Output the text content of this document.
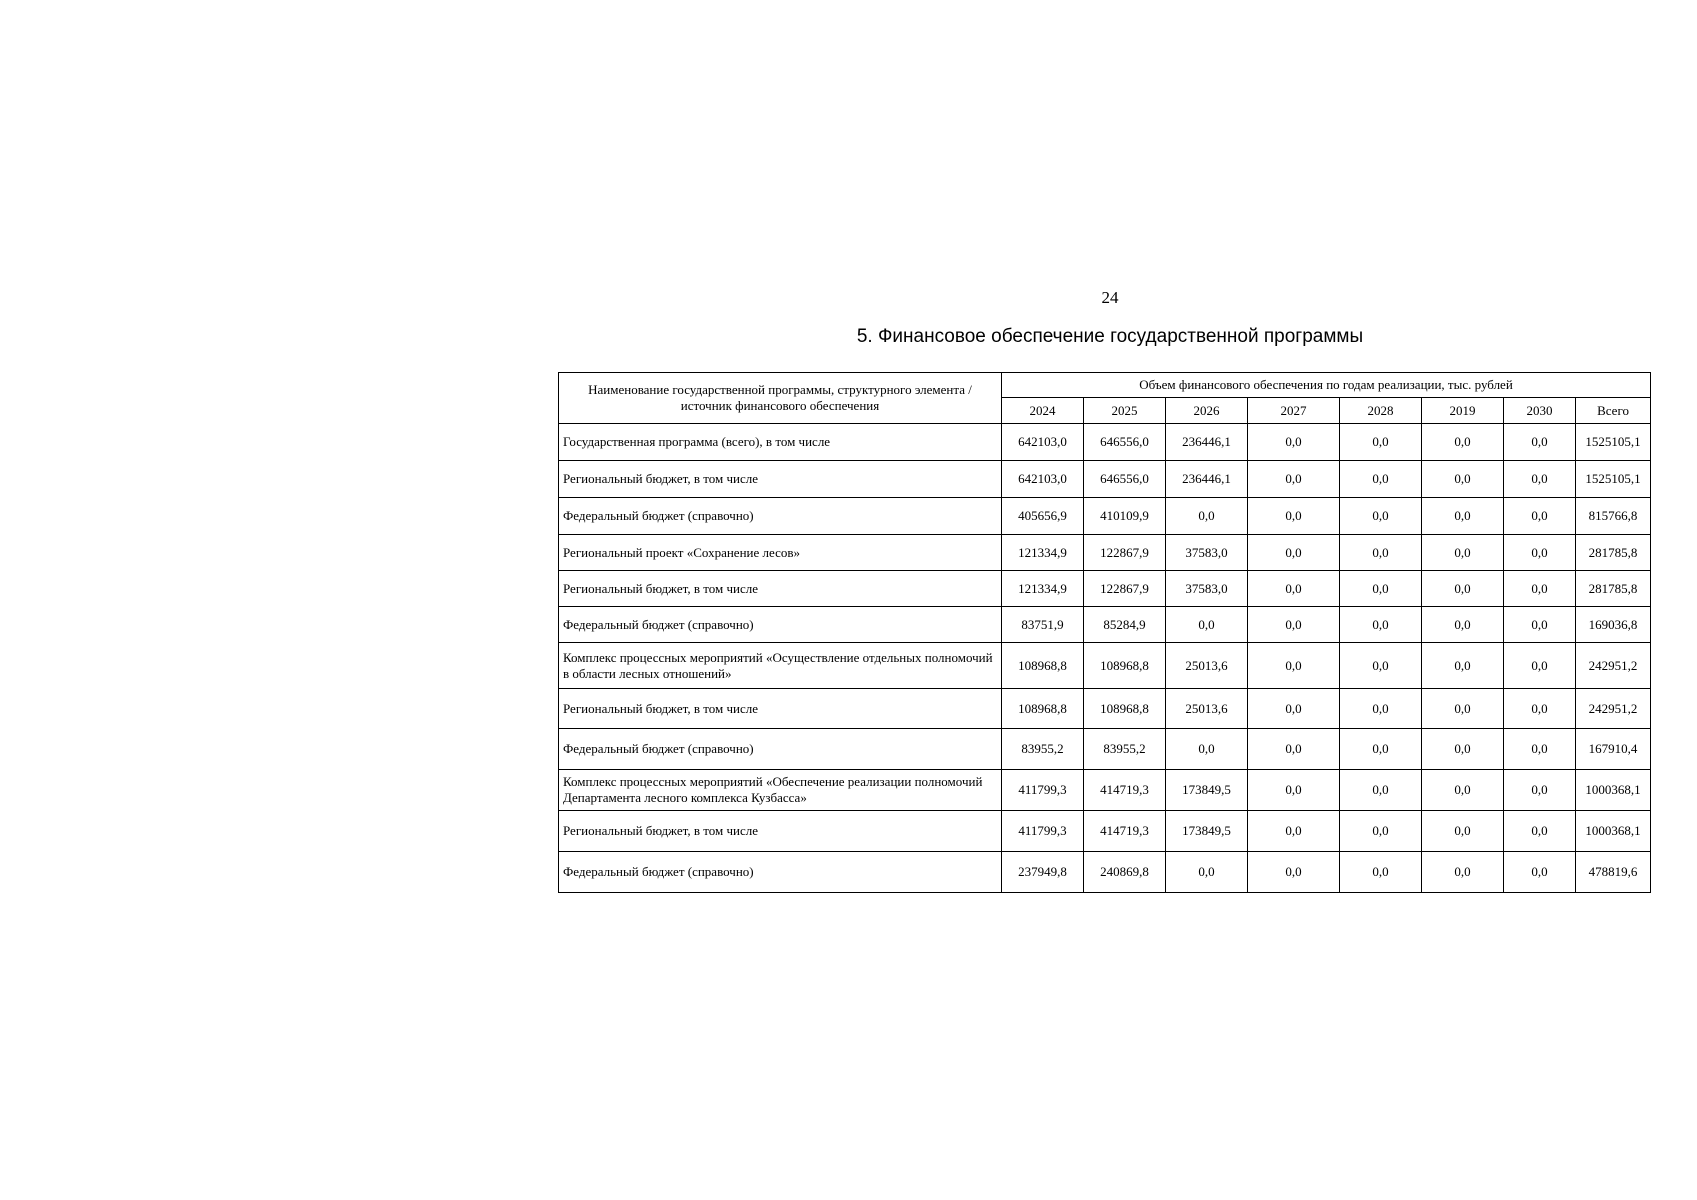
24
5. Финансовое обеспечение государственной программы
Наименование государственной программы, структурного элемента / источник финансового обеспечения	Объем финансового обеспечения по годам реализации, тыс. рублей							
	2024	2025	2026	2027	2028	2019	2030	Всего
Государственная программа (всего), в том числе	642103,0	646556,0	236446,1	0,0	0,0	0,0	0,0	1525105,1
Региональный бюджет, в том числе	642103,0	646556,0	236446,1	0,0	0,0	0,0	0,0	1525105,1
Федеральный бюджет (справочно)	405656,9	410109,9	0,0	0,0	0,0	0,0	0,0	815766,8
Региональный проект «Сохранение лесов»	121334,9	122867,9	37583,0	0,0	0,0	0,0	0,0	281785,8
Региональный бюджет, в том числе	121334,9	122867,9	37583,0	0,0	0,0	0,0	0,0	281785,8
Федеральный бюджет (справочно)	83751,9	85284,9	0,0	0,0	0,0	0,0	0,0	169036,8
Комплекс процессных мероприятий «Осуществление отдельных полномочий в области лесных отношений»	108968,8	108968,8	25013,6	0,0	0,0	0,0	0,0	242951,2
Региональный бюджет, в том числе	108968,8	108968,8	25013,6	0,0	0,0	0,0	0,0	242951,2
Федеральный бюджет (справочно)	83955,2	83955,2	0,0	0,0	0,0	0,0	0,0	167910,4
Комплекс процессных мероприятий «Обеспечение реализации полномочий Департамента лесного комплекса Кузбасса»	411799,3	414719,3	173849,5	0,0	0,0	0,0	0,0	1000368,1
Региональный бюджет, в том числе	411799,3	414719,3	173849,5	0,0	0,0	0,0	0,0	1000368,1
Федеральный бюджет (справочно)	237949,8	240869,8	0,0	0,0	0,0	0,0	0,0	478819,6
